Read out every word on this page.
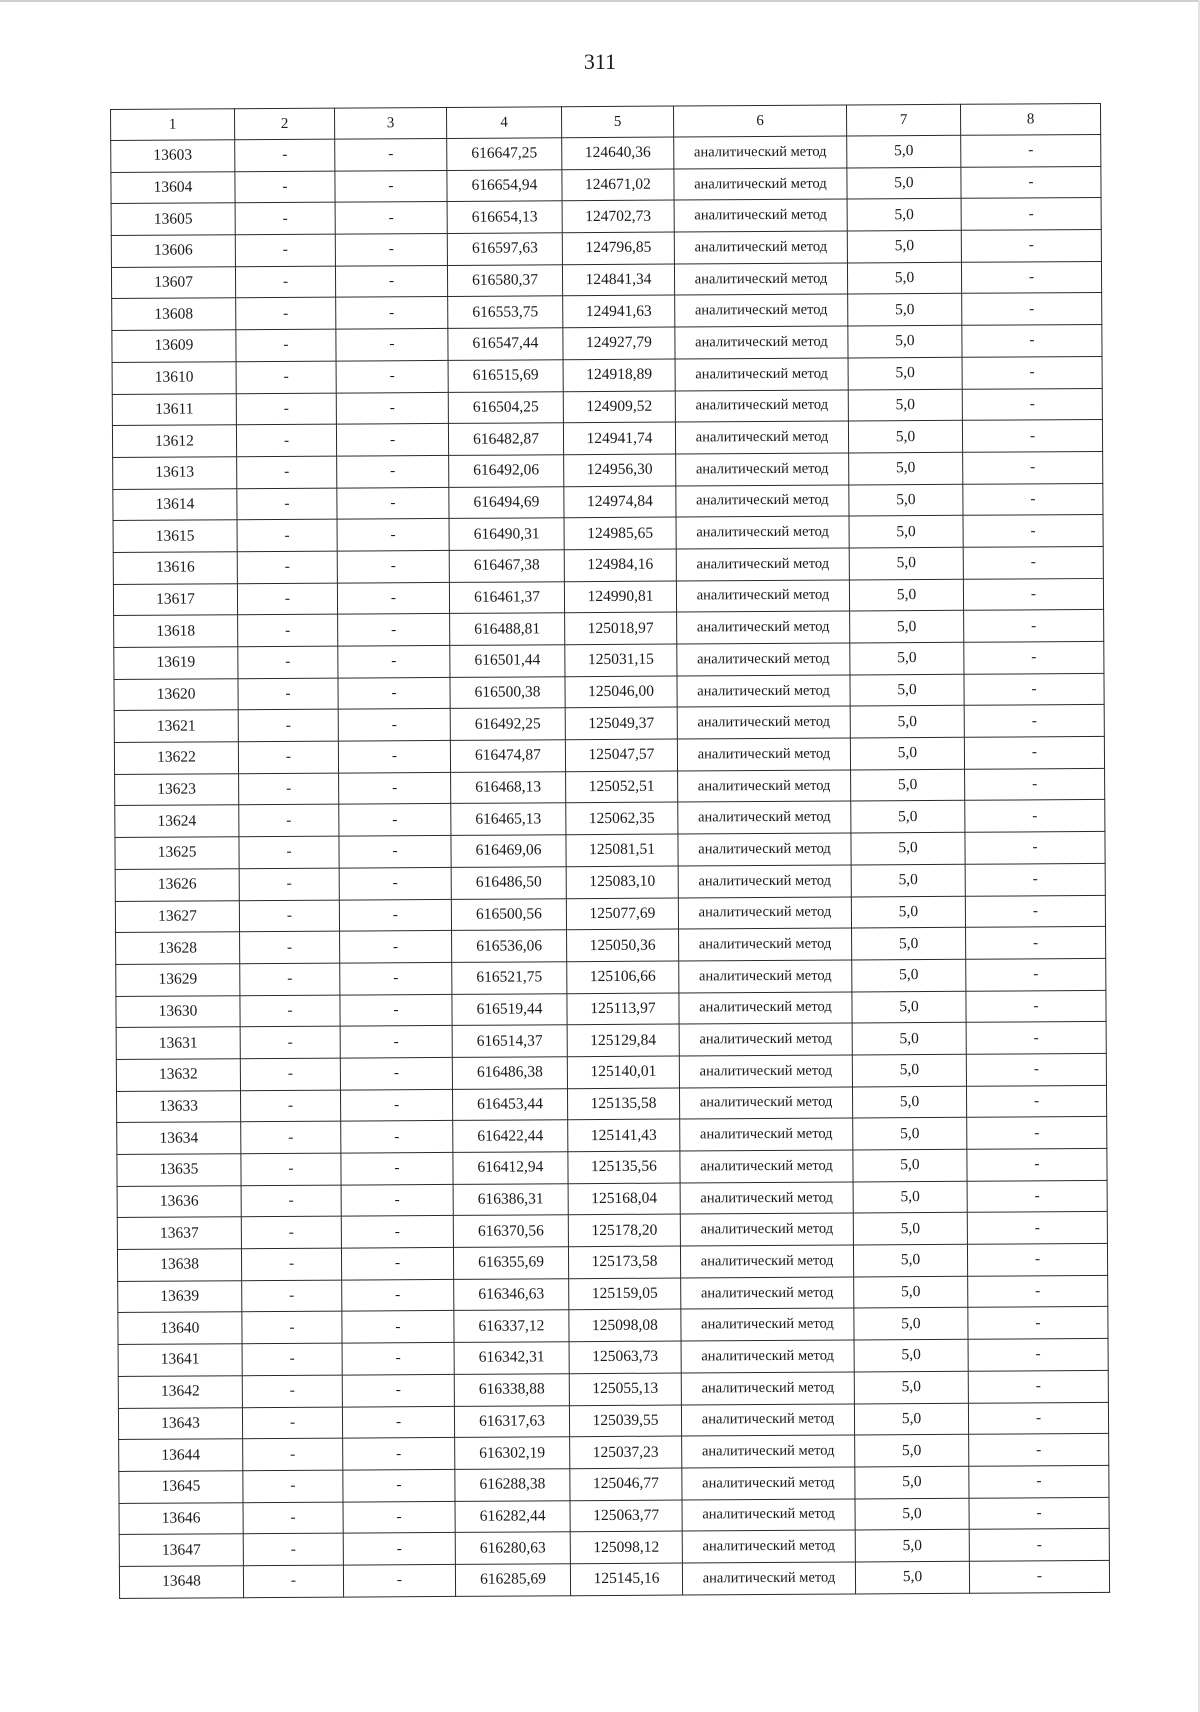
311
1	2	3	4	5	6	7	8
13603	-	-	616647,25	124640,36	аналитический метод	5,0	-
13604	-	-	616654,94	124671,02	аналитический метод	5,0	-
13605	-	-	616654,13	124702,73	аналитический метод	5,0	-
13606	-	-	616597,63	124796,85	аналитический метод	5,0	-
13607	-	-	616580,37	124841,34	аналитический метод	5,0	-
13608	-	-	616553,75	124941,63	аналитический метод	5,0	-
13609	-	-	616547,44	124927,79	аналитический метод	5,0	-
13610	-	-	616515,69	124918,89	аналитический метод	5,0	-
13611	-	-	616504,25	124909,52	аналитический метод	5,0	-
13612	-	-	616482,87	124941,74	аналитический метод	5,0	-
13613	-	-	616492,06	124956,30	аналитический метод	5,0	-
13614	-	-	616494,69	124974,84	аналитический метод	5,0	-
13615	-	-	616490,31	124985,65	аналитический метод	5,0	-
13616	-	-	616467,38	124984,16	аналитический метод	5,0	-
13617	-	-	616461,37	124990,81	аналитический метод	5,0	-
13618	-	-	616488,81	125018,97	аналитический метод	5,0	-
13619	-	-	616501,44	125031,15	аналитический метод	5,0	-
13620	-	-	616500,38	125046,00	аналитический метод	5,0	-
13621	-	-	616492,25	125049,37	аналитический метод	5,0	-
13622	-	-	616474,87	125047,57	аналитический метод	5,0	-
13623	-	-	616468,13	125052,51	аналитический метод	5,0	-
13624	-	-	616465,13	125062,35	аналитический метод	5,0	-
13625	-	-	616469,06	125081,51	аналитический метод	5,0	-
13626	-	-	616486,50	125083,10	аналитический метод	5,0	-
13627	-	-	616500,56	125077,69	аналитический метод	5,0	-
13628	-	-	616536,06	125050,36	аналитический метод	5,0	-
13629	-	-	616521,75	125106,66	аналитический метод	5,0	-
13630	-	-	616519,44	125113,97	аналитический метод	5,0	-
13631	-	-	616514,37	125129,84	аналитический метод	5,0	-
13632	-	-	616486,38	125140,01	аналитический метод	5,0	-
13633	-	-	616453,44	125135,58	аналитический метод	5,0	-
13634	-	-	616422,44	125141,43	аналитический метод	5,0	-
13635	-	-	616412,94	125135,56	аналитический метод	5,0	-
13636	-	-	616386,31	125168,04	аналитический метод	5,0	-
13637	-	-	616370,56	125178,20	аналитический метод	5,0	-
13638	-	-	616355,69	125173,58	аналитический метод	5,0	-
13639	-	-	616346,63	125159,05	аналитический метод	5,0	-
13640	-	-	616337,12	125098,08	аналитический метод	5,0	-
13641	-	-	616342,31	125063,73	аналитический метод	5,0	-
13642	-	-	616338,88	125055,13	аналитический метод	5,0	-
13643	-	-	616317,63	125039,55	аналитический метод	5,0	-
13644	-	-	616302,19	125037,23	аналитический метод	5,0	-
13645	-	-	616288,38	125046,77	аналитический метод	5,0	-
13646	-	-	616282,44	125063,77	аналитический метод	5,0	-
13647	-	-	616280,63	125098,12	аналитический метод	5,0	-
13648	-	-	616285,69	125145,16	аналитический метод	5,0	-
